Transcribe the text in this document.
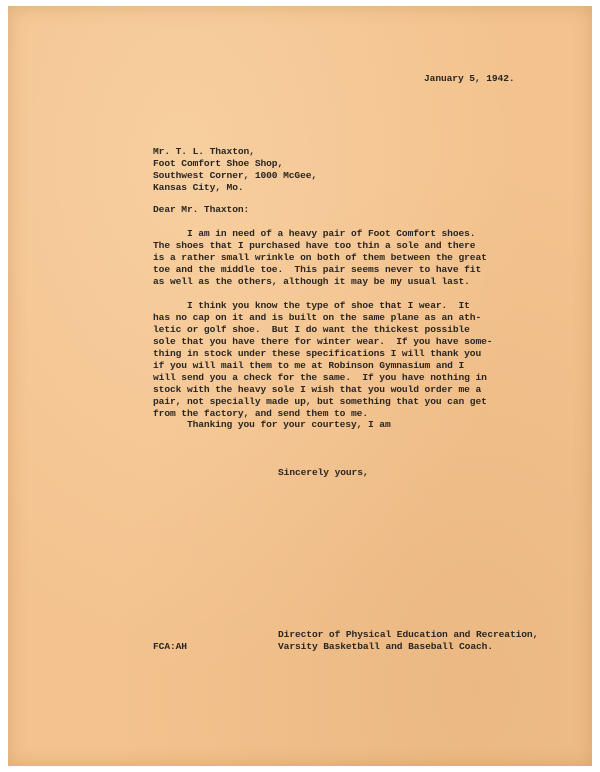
January 5, 1942.
Mr. T. L. Thaxton,
Foot Comfort Shoe Shop,
Southwest Corner, 1000 McGee,
Kansas City, Mo.
Dear Mr. Thaxton:
I am in need of a heavy pair of Foot Comfort shoes.
The shoes that I purchased have too thin a sole and there
is a rather small wrinkle on both of them between the great
toe and the middle toe.  This pair seems never to have fit
as well as the others, although it may be my usual last.
I think you know the type of shoe that I wear.  It
has no cap on it and is built on the same plane as an ath-
letic or golf shoe.  But I do want the thickest possible
sole that you have there for winter wear.  If you have some-
thing in stock under these specifications I will thank you
if you will mail them to me at Robinson Gymnasium and I
will send you a check for the same.  If you have nothing in
stock with the heavy sole I wish that you would order me a
pair, not specially made up, but something that you can get
from the factory, and send them to me.
Thanking you for your courtesy, I am
Sincerely yours,
Director of Physical Education and Recreation,
Varsity Basketball and Baseball Coach.
FCA:AH
